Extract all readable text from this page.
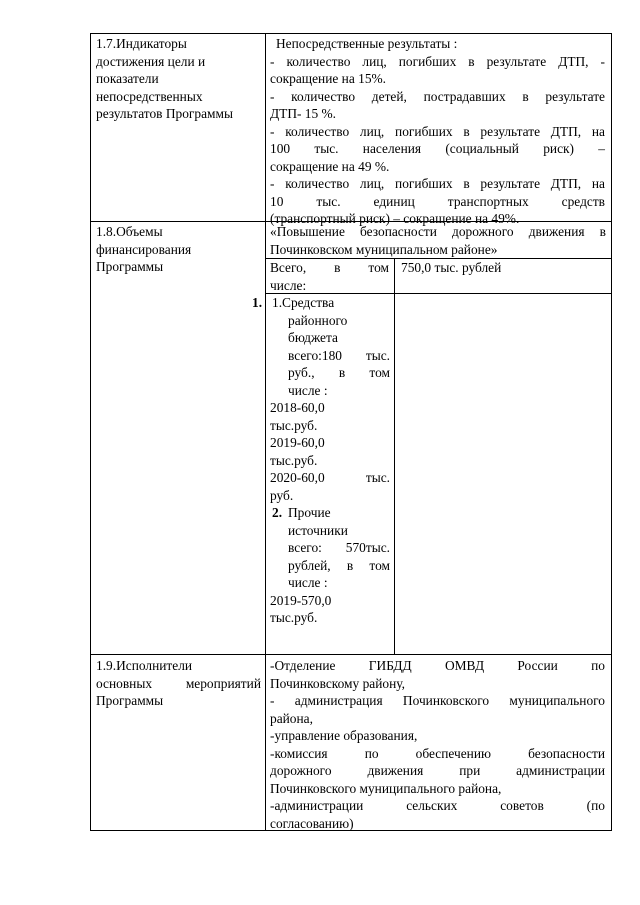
1.7.Индикаторы
достижения цели и
показатели
непосредственных
результатов Программы
Непосредственные результаты :
- количество лиц, погибших в результате ДТП, -
сокращение на 15%.
- количество детей, пострадавших в результате
ДТП- 15 %.
- количество лиц, погибших в результате ДТП, на
100 тыс. населения (социальный риск) –
сокращение на 49 %.
- количество лиц, погибших в результате ДТП, на
10 тыс. единиц транспортных средств
(транспортный риск) – сокращение на 49%.
1.8.Объемы
финансирования
Программы
«Повышение безопасности дорожного движения в
Починковском муниципальном районе»
Всего, в том
числе:
750,0 тыс. рублей
1. 1.Средства
районного
бюджета
всего:180 тыс.
руб., в том
числе :
2018-60,0
тыс.руб.
2019-60,0
тыс.руб.
2020-60,0 тыс.
руб.
2. Прочие
источники
всего: 570тыс.
рублей, в том
числе :
2019-570,0
тыс.руб.
1.9.Исполнители
основных мероприятий
Программы
-Отделение ГИБДД ОМВД России по
Починковскому району,
- администрация Починковского муниципального
района,
-управление образования,
-комиссия по обеспечению безопасности
дорожного движения при администрации
Починковского муниципального района,
-администрации сельских советов (по
согласованию)
